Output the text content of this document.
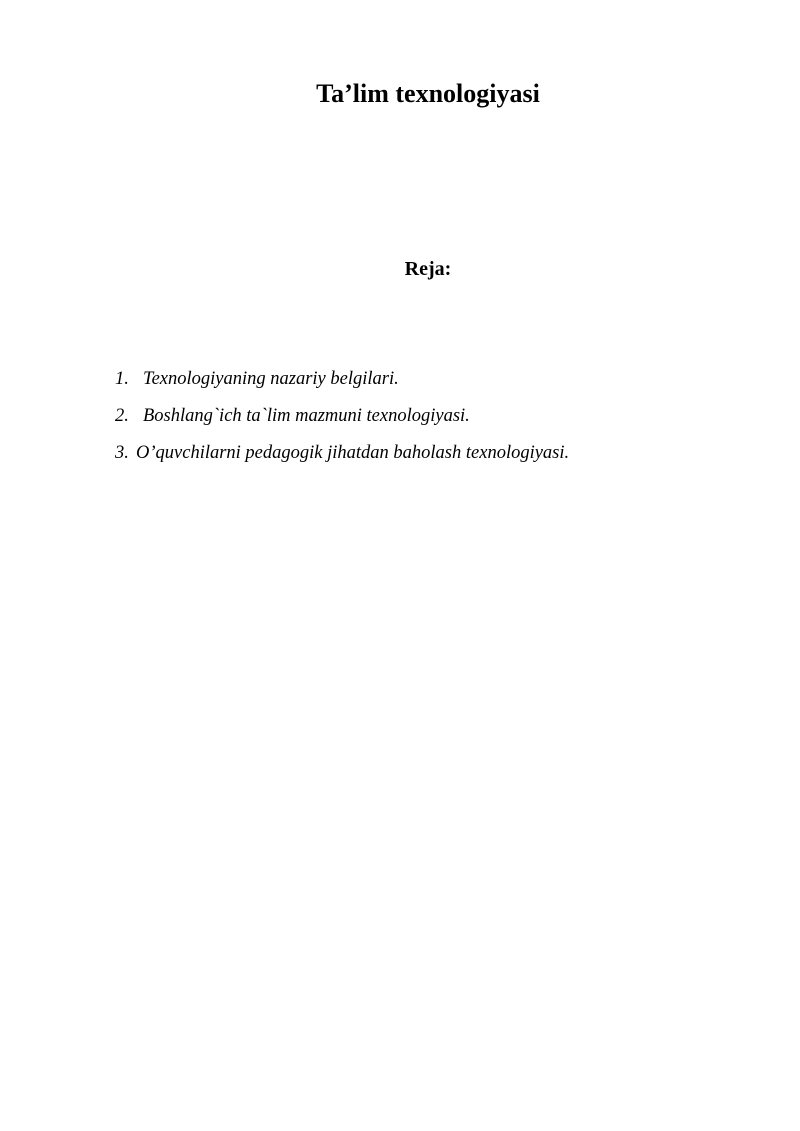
Ta’lim texnologiyasi
Reja:
1. Texnologiyaning nazariy belgilari.
2. Boshlang`ich ta`lim mazmuni texnologiyasi.
3. O’quvchilarni pedagogik jihatdan baholash texnologiyasi.
